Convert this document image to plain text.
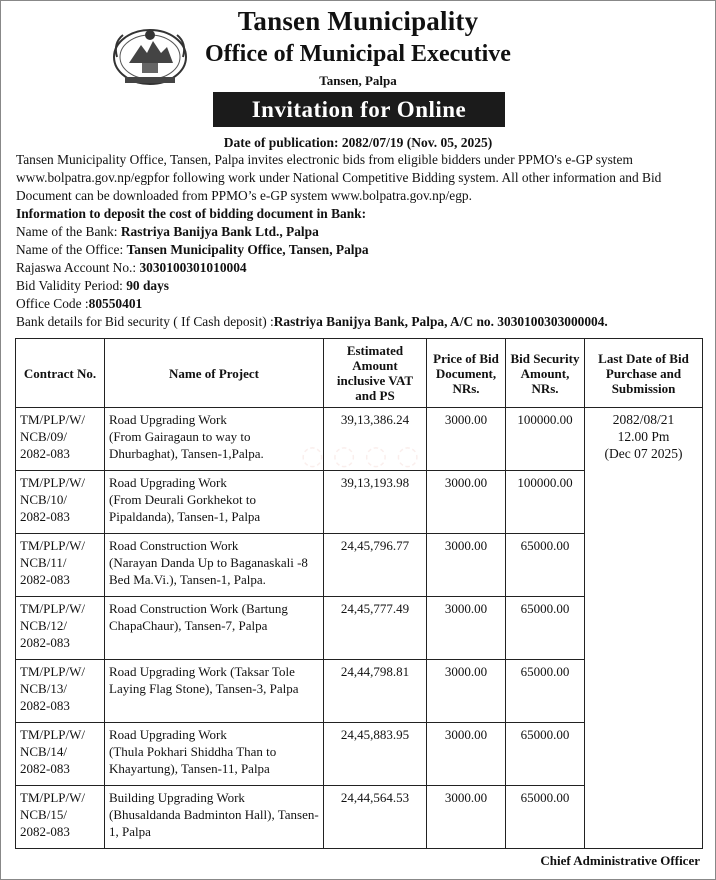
Tansen Municipality
Office of Municipal Executive
Tansen, Palpa
Invitation for Online
Date of publication: 2082/07/19 (Nov. 05, 2025)

Tansen Municipality Office, Tansen, Palpa invites electronic bids from eligible bidders under PPMO's e-GP system www.bolpatra.gov.np/egpfor following work under National Competitive Bidding system. All other information and Bid Document can be downloaded from PPMO’s e-GP system www.bolpatra.gov.np/egp.

Information to deposit the cost of bidding document in Bank:

Name of the Bank: Rastriya Banijya Bank Ltd., Palpa

Name of the Office: Tansen Municipality Office, Tansen, Palpa

Rajaswa Account No.: 3030100301010004

Bid Validity Period: 90 days

Office Code :80550401

Bank details for Bid security ( If Cash deposit) :Rastriya Banijya Bank, Palpa, A/C no. 3030100303000004.

Contract No.	Name of Project	Estimated Amount inclusive VAT and PS	Price of Bid Document, NRs.	Bid Security Amount, NRs.	Last Date of Bid Purchase and Submission

TM/PLP/W/
NCB/09/
2082-083	Road Upgrading Work
(From Gairagaun to way to Dhurbaghat), Tansen-1,Palpa.	39,13,386.24	3000.00	100000.00	2082/08/21
12.00 Pm
(Dec 07 2025)

TM/PLP/W/
NCB/10/
2082-083	Road Upgrading Work
(From Deurali Gorkhekot to Pipaldanda), Tansen-1, Palpa	39,13,193.98	3000.00	100000.00	

TM/PLP/W/
NCB/11/
2082-083	Road Construction Work
(Narayan Danda Up to Baganaskali -8 Bed Ma.Vi.), Tansen-1, Palpa.	24,45,796.77	3000.00	65000.00	

TM/PLP/W/
NCB/12/
2082-083	Road Construction Work (Bartung ChapaChaur), Tansen-7, Palpa	24,45,777.49	3000.00	65000.00	

TM/PLP/W/
NCB/13/
2082-083	Road Upgrading Work (Taksar Tole Laying Flag Stone), Tansen-3, Palpa	24,44,798.81	3000.00	65000.00	

TM/PLP/W/
NCB/14/
2082-083	Road Upgrading Work
(Thula Pokhari Shiddha Than to Khayartung), Tansen-11, Palpa	24,45,883.95	3000.00	65000.00	

TM/PLP/W/
NCB/15/
2082-083	Building Upgrading Work (Bhusaldanda Badminton Hall), Tansen-1, Palpa	24,44,564.53	3000.00	65000.00	
◌ ◌ ◌ ◌
Chief Administrative Officer
